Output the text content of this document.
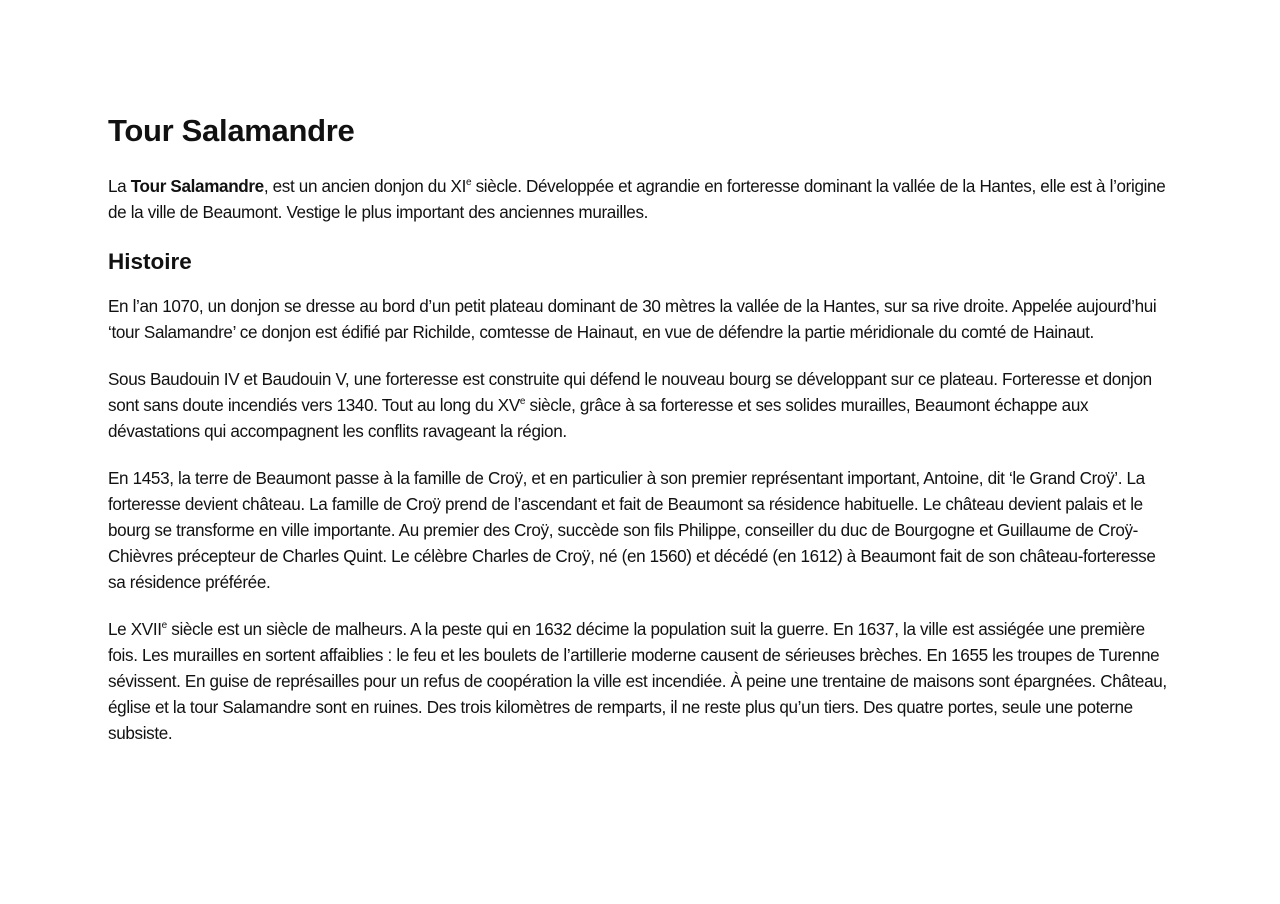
Tour Salamandre

La Tour Salamandre, est un ancien donjon du XIe siècle. Développée et agrandie en forteresse dominant la vallée de la Hantes, elle est à l’origine de la ville de Beaumont. Vestige le plus important des anciennes murailles.

Histoire

En l’an 1070, un donjon se dresse au bord d’un petit plateau dominant de 30 mètres la vallée de la Hantes, sur sa rive droite. Appelée aujourd’hui ‘tour Salamandre’ ce donjon est édifié par Richilde, comtesse de Hainaut, en vue de défendre la partie méridionale du comté de Hainaut.

Sous Baudouin IV et Baudouin V, une forteresse est construite qui défend le nouveau bourg se développant sur ce plateau. Forteresse et donjon sont sans doute incendiés vers 1340. Tout au long du XVe siècle, grâce à sa forteresse et ses solides murailles, Beaumont échappe aux dévastations qui accompagnent les conflits ravageant la région.

En 1453, la terre de Beaumont passe à la famille de Croÿ, et en particulier à son premier représentant important, Antoine, dit ‘le Grand Croÿ’. La forteresse devient château. La famille de Croÿ prend de l’ascendant et fait de Beaumont sa résidence habituelle. Le château devient palais et le bourg se transforme en ville importante. Au premier des Croÿ, succède son fils Philippe, conseiller du duc de Bourgogne et Guillaume de Croÿ-Chièvres précepteur de Charles Quint. Le célèbre Charles de Croÿ, né (en 1560) et décédé (en 1612) à Beaumont fait de son château-forteresse sa résidence préférée.

Le XVIIe siècle est un siècle de malheurs. A la peste qui en 1632 décime la population suit la guerre. En 1637, la ville est assiégée une première fois. Les murailles en sortent affaiblies : le feu et les boulets de l’artillerie moderne causent de sérieuses brèches. En 1655 les troupes de Turenne sévissent. En guise de représailles pour un refus de coopération la ville est incendiée. À peine une trentaine de maisons sont épargnées. Château, église et la tour Salamandre sont en ruines. Des trois kilomètres de remparts, il ne reste plus qu’un tiers. Des quatre portes, seule une poterne subsiste.
